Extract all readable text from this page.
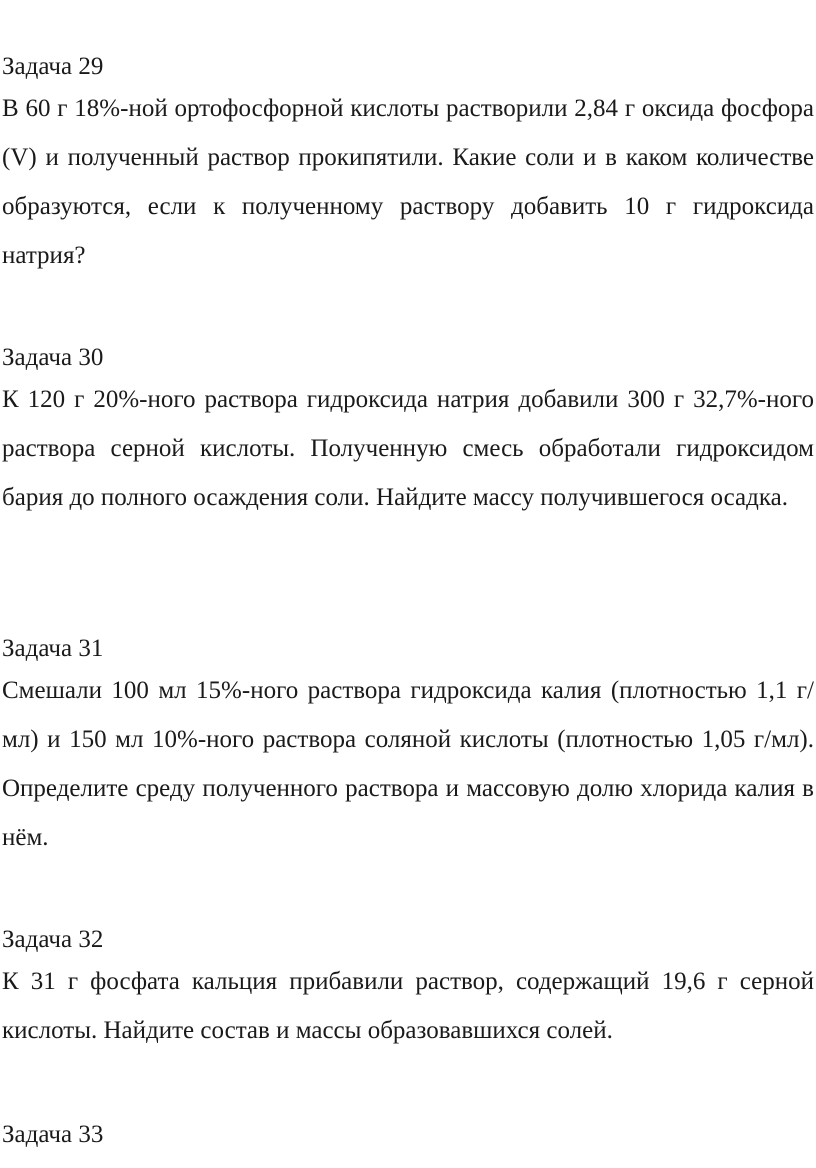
Задача 29

В 60 г 18%-ной ортофосфорной кислоты растворили 2,84 г оксида фосфора (V) и полученный раствор прокипятили. Какие соли и в каком количестве образуются, если к полученному раствору добавить 10 г гидроксида натрия?

Задача 30

К 120 г 20%-ного раствора гидроксида натрия добавили 300 г 32,7%-ного раствора серной кислоты. Полученную смесь обработали гидроксидом бария до полного осаждения соли. Найдите массу получившегося осадка.

Задача 31

Смешали 100 мл 15%-ного раствора гидроксида калия (плотностью 1,1 г/мл) и 150 мл 10%-ного раствора соляной кислоты (плотностью 1,05 г/мл). Определите среду полученного раствора и массовую долю хлорида калия в нём.

Задача 32

К 31 г фосфата кальция прибавили раствор, содержащий 19,6 г серной кислоты. Найдите состав и массы образовавшихся солей.

Задача 33
